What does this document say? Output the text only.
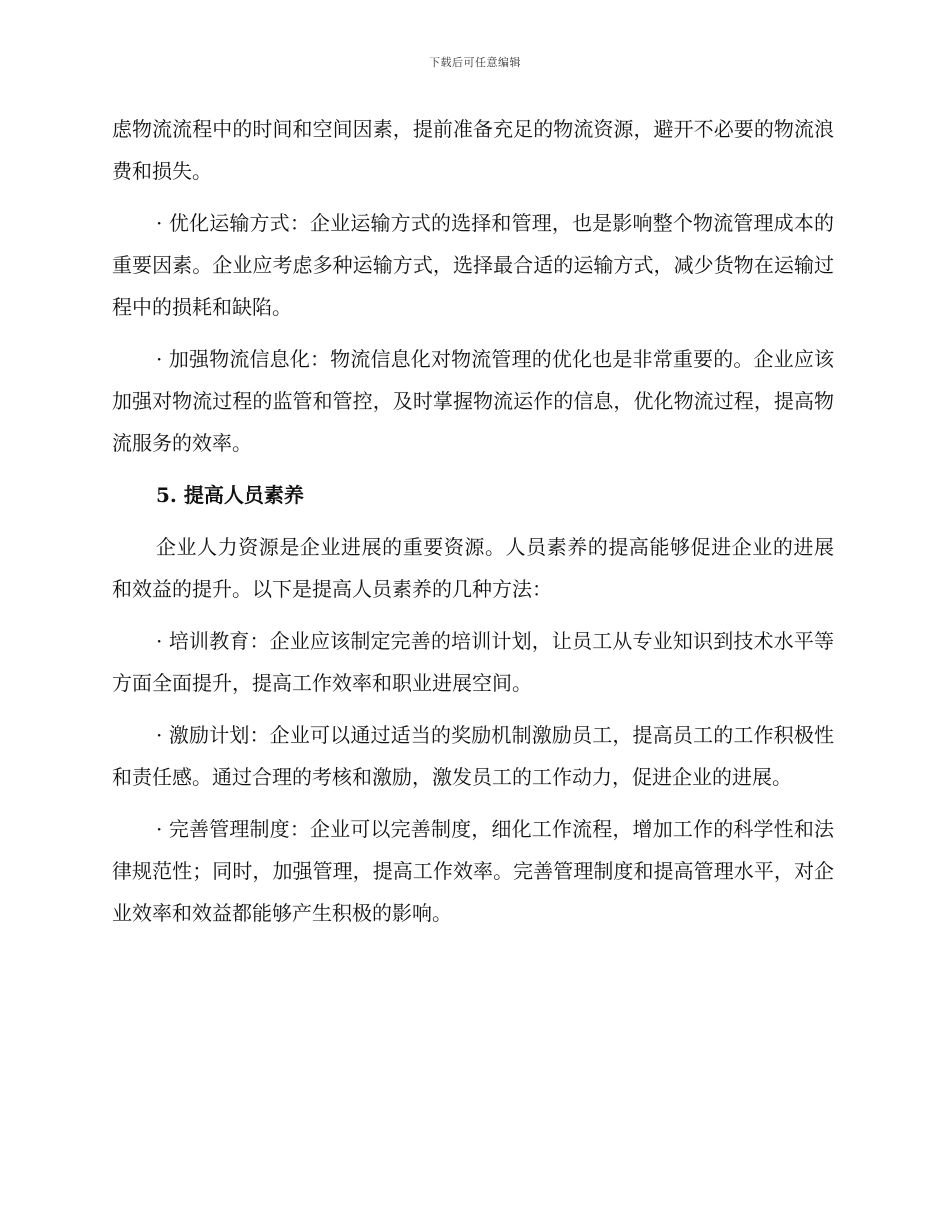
下载后可任意编辑

虑物流流程中的时间和空间因素，提前准备充足的物流资源，避开不必要的物流浪费和损失。

· 优化运输方式：企业运输方式的选择和管理，也是影响整个物流管理成本的重要因素。企业应考虑多种运输方式，选择最合适的运输方式，减少货物在运输过程中的损耗和缺陷。

· 加强物流信息化：物流信息化对物流管理的优化也是非常重要的。企业应该加强对物流过程的监管和管控，及时掌握物流运作的信息，优化物流过程，提高物流服务的效率。

5. 提高人员素养

企业人力资源是企业进展的重要资源。人员素养的提高能够促进企业的进展和效益的提升。以下是提高人员素养的几种方法：

· 培训教育：企业应该制定完善的培训计划，让员工从专业知识到技术水平等方面全面提升，提高工作效率和职业进展空间。

· 激励计划：企业可以通过适当的奖励机制激励员工，提高员工的工作积极性和责任感。通过合理的考核和激励，激发员工的工作动力，促进企业的进展。

· 完善管理制度：企业可以完善制度，细化工作流程，增加工作的科学性和法律规范性；同时，加强管理，提高工作效率。完善管理制度和提高管理水平，对企业效率和效益都能够产生积极的影响。
